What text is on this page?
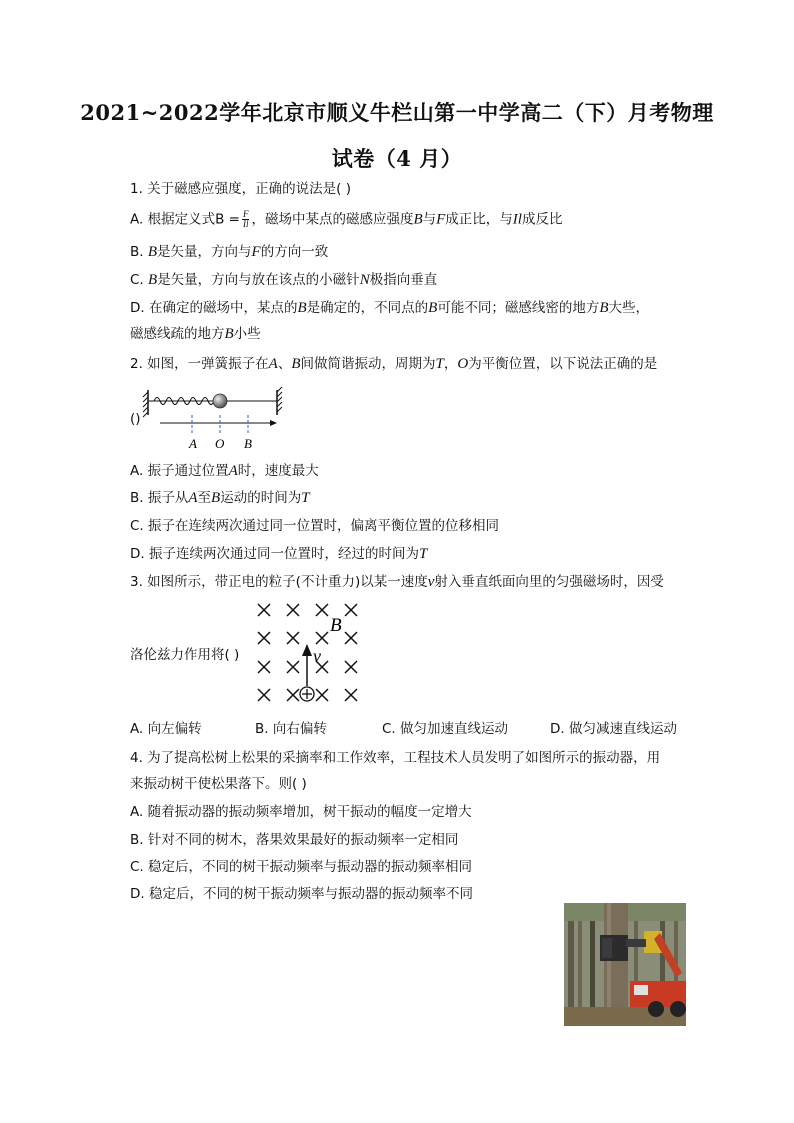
2021~2022学年北京市顺义牛栏山第一中学高二（下）月考物理
试卷（4 月）
1. 关于磁感应强度，正确的说法是( )
A. 根据定义式$B = \frac{F}{Il}$ ，磁场中某点的磁感应强度B与F成正比，与Il成反比
B. B是矢量，方向与F的方向一致
C. B是矢量，方向与放在该点的小磁针N极指向垂直
D. 在确定的磁场中，某点的B是确定的，不同点的B可能不同；磁感线密的地方B大些，
磁感线疏的地方B小些
2. 如图，一弹簧振子在A、B间做简谐振动，周期为T，O为平衡位置，以下说法正确的是
()
A O B
A. 振子通过位置A时，速度最大
B. 振子从A至B运动的时间为T
C. 振子在连续两次通过同一位置时，偏离平衡位置的位移相同
D. 振子连续两次通过同一位置时，经过的时间为T
3. 如图所示，带正电的粒子(不计重力)以某一速度v射入垂直纸面向里的匀强磁场时，因受
洛伦兹力作用将( )
B
v
A. 向左偏转	B. 向右偏转	C. 做匀加速直线运动	D. 做匀减速直线运动
4. 为了提高松树上松果的采摘率和工作效率，工程技术人员发明了如图所示的振动器，用
来振动树干使松果落下。则( )
A. 随着振动器的振动频率增加，树干振动的幅度一定增大
B. 针对不同的树木，落果效果最好的振动频率一定相同
C. 稳定后，不同的树干振动频率与振动器的振动频率相同
D. 稳定后，不同的树干振动频率与振动器的振动频率不同
